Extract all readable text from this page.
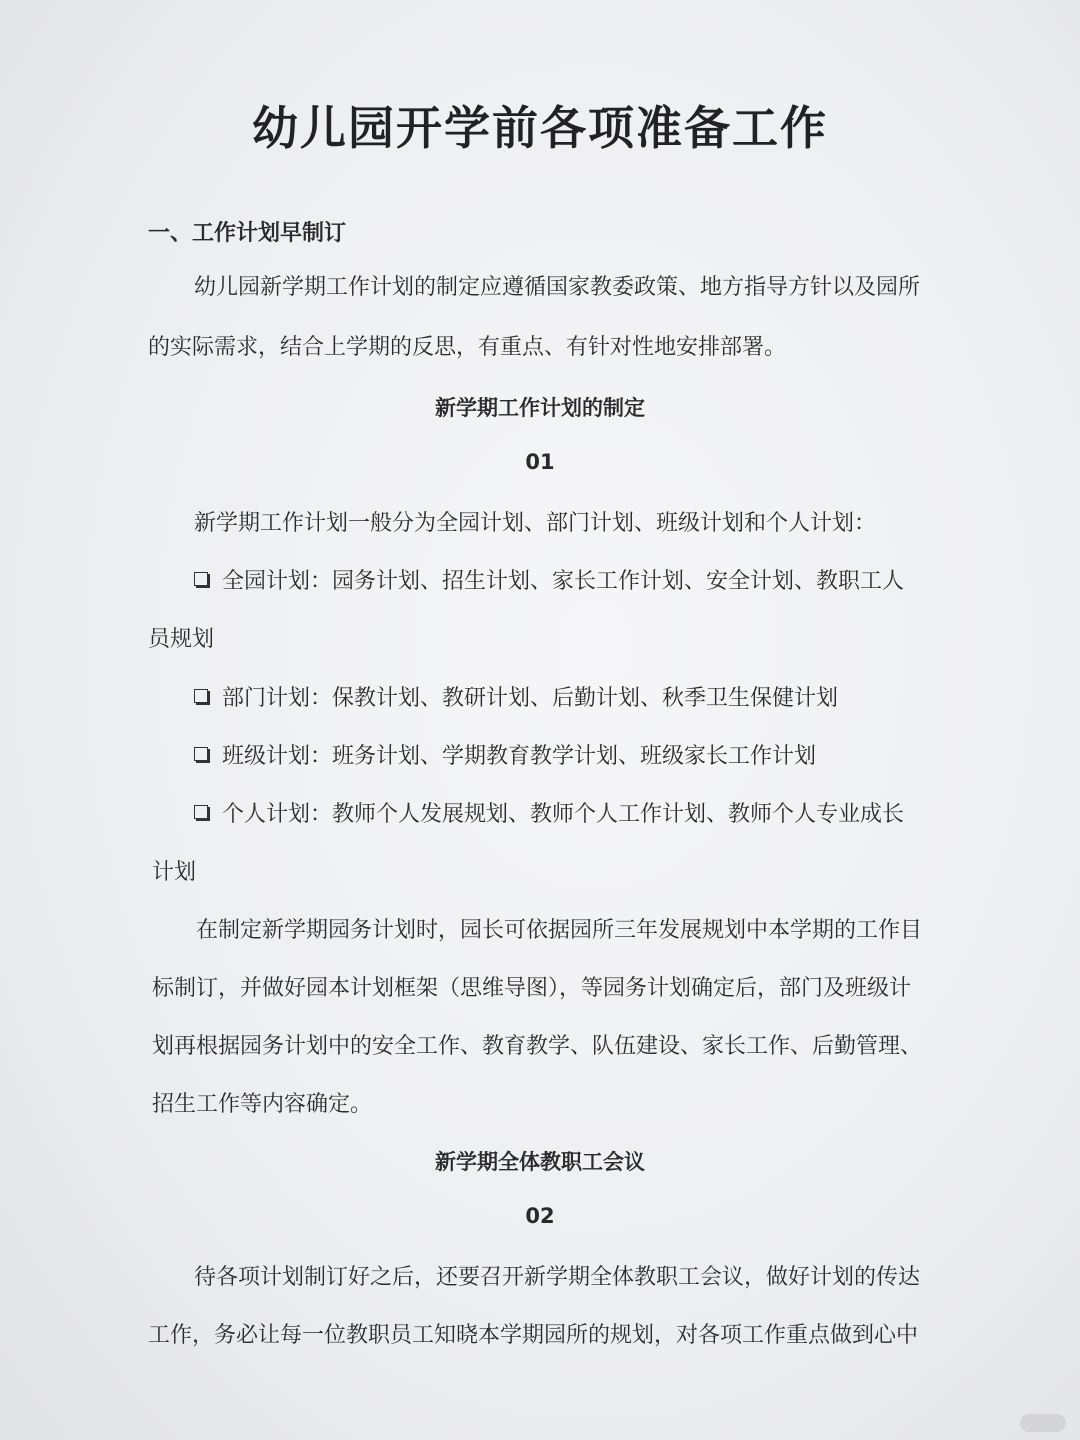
幼儿园开学前各项准备工作
一、工作计划早制订
幼儿园新学期工作计划的制定应遵循国家教委政策、地方指导方针以及园所
的实际需求，结合上学期的反思，有重点、有针对性地安排部署。
新学期工作计划的制定
01
新学期工作计划一般分为全园计划、部门计划、班级计划和个人计划：
全园计划：园务计划、招生计划、家长工作计划、安全计划、教职工人
员规划
部门计划：保教计划、教研计划、后勤计划、秋季卫生保健计划
班级计划：班务计划、学期教育教学计划、班级家长工作计划
个人计划：教师个人发展规划、教师个人工作计划、教师个人专业成长
计划
在制定新学期园务计划时，园长可依据园所三年发展规划中本学期的工作目
标制订，并做好园本计划框架（思维导图），等园务计划确定后，部门及班级计
划再根据园务计划中的安全工作、教育教学、队伍建设、家长工作、后勤管理、
招生工作等内容确定。
新学期全体教职工会议
02
待各项计划制订好之后，还要召开新学期全体教职工会议，做好计划的传达
工作，务必让每一位教职员工知晓本学期园所的规划，对各项工作重点做到心中
